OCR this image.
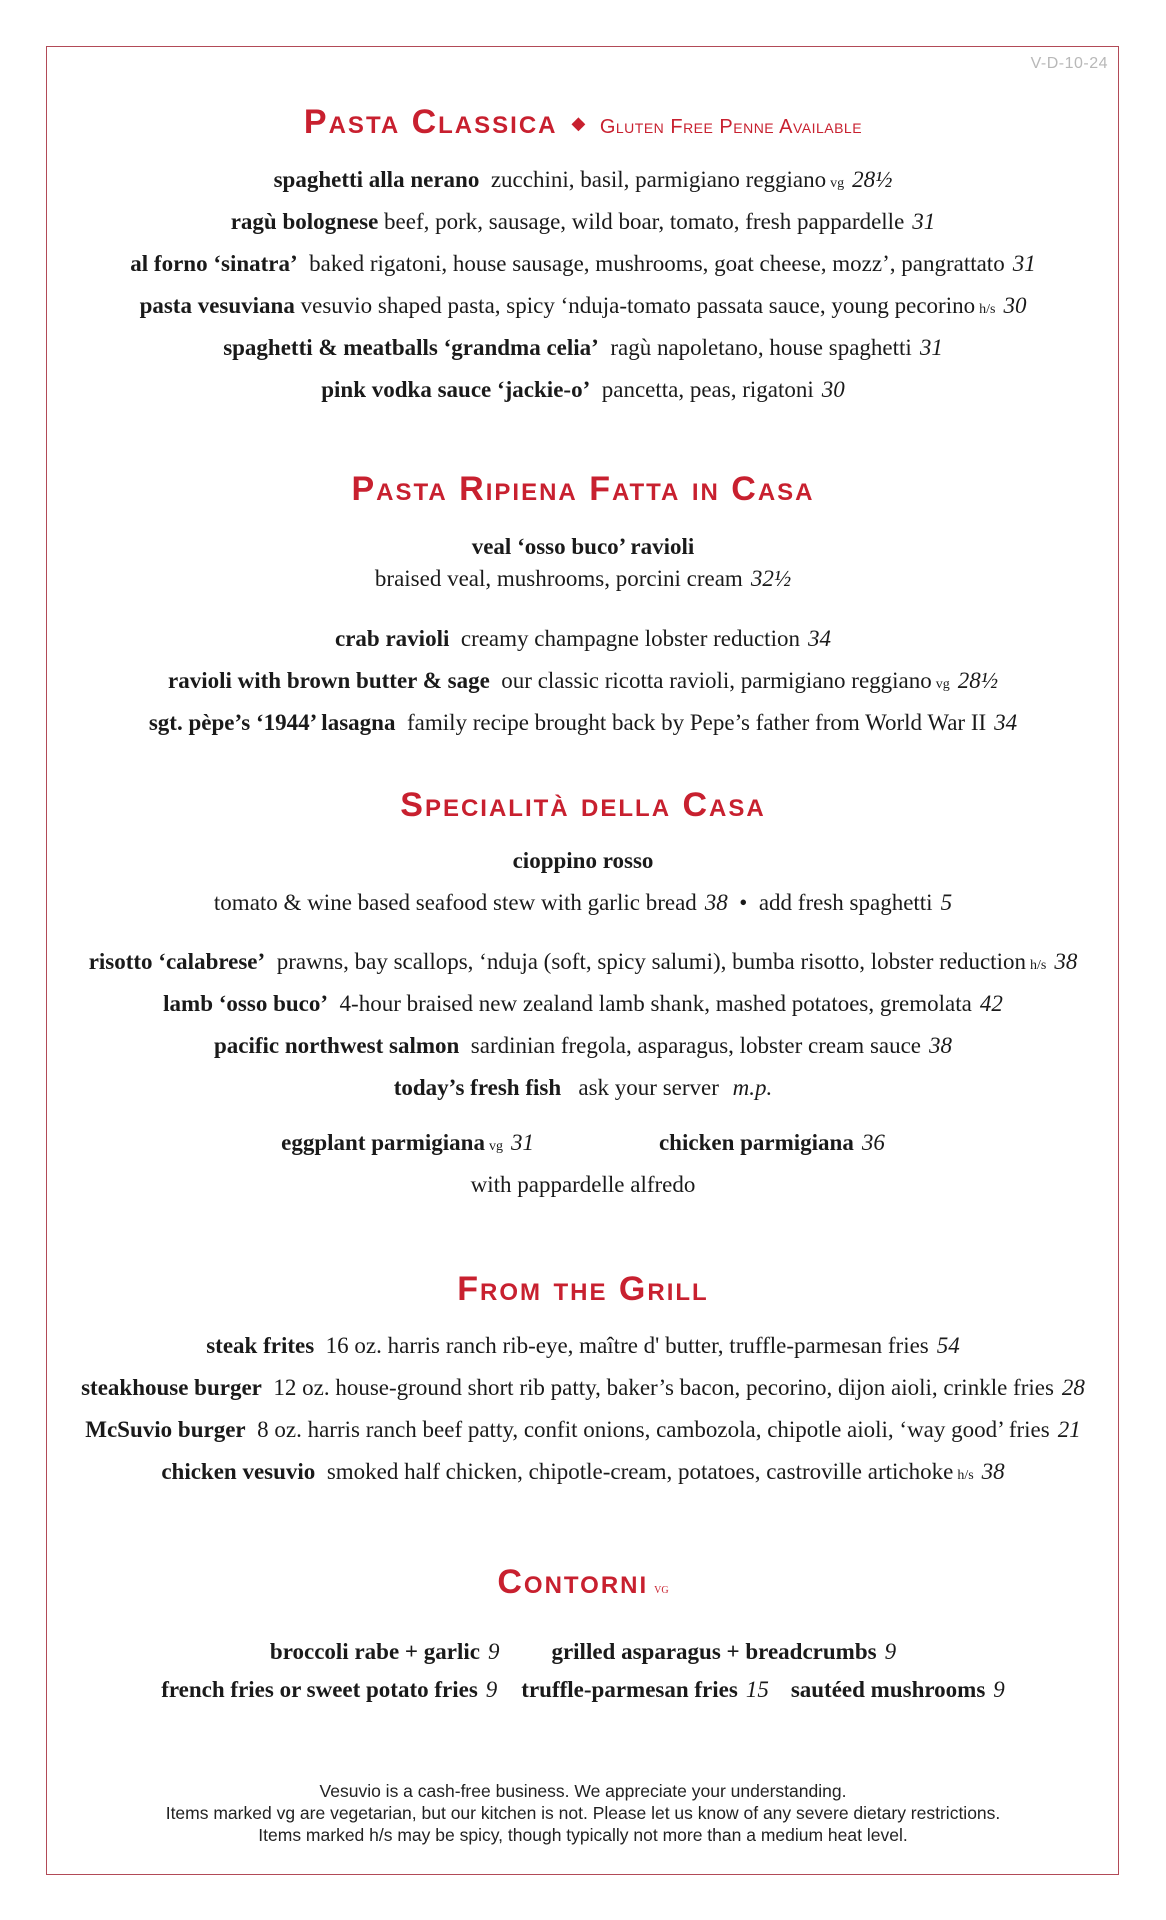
V-D-10-24
Pasta Classica ◆ Gluten Free Penne Available
spaghetti alla nerano zucchini, basil, parmigiano reggiano vg 28½
ragù bolognese beef, pork, sausage, wild boar, tomato, fresh pappardelle 31
al forno ‘sinatra’ baked rigatoni, house sausage, mushrooms, goat cheese, mozz’, pangrattato 31
pasta vesuviana vesuvio shaped pasta, spicy ‘nduja-tomato passata sauce, young pecorino h/s 30
spaghetti & meatballs ‘grandma celia’ ragù napoletano, house spaghetti 31
pink vodka sauce ‘jackie-o’ pancetta, peas, rigatoni 30
Pasta Ripiena Fatta in Casa
veal ‘osso buco’ ravioli
braised veal, mushrooms, porcini cream 32½
crab ravioli creamy champagne lobster reduction 34
ravioli with brown butter & sage our classic ricotta ravioli, parmigiano reggiano vg 28½
sgt. pèpe’s ‘1944’ lasagna family recipe brought back by Pepe’s father from World War II 34
Specialità della Casa
cioppino rosso
tomato & wine based seafood stew with garlic bread 38 • add fresh spaghetti 5
risotto ‘calabrese’ prawns, bay scallops, ‘nduja (soft, spicy salumi), bumba risotto, lobster reduction h/s 38
lamb ‘osso buco’ 4-hour braised new zealand lamb shank, mashed potatoes, gremolata 42
pacific northwest salmon sardinian fregola, asparagus, lobster cream sauce 38
today’s fresh fish ask your server m.p.
eggplant parmigiana vg 31	chicken parmigiana 36
with pappardelle alfredo
From the Grill
steak frites 16 oz. harris ranch rib-eye, maître d' butter, truffle-parmesan fries 54
steakhouse burger 12 oz. house-ground short rib patty, baker’s bacon, pecorino, dijon aioli, crinkle fries 28
McSuvio burger 8 oz. harris ranch beef patty, confit onions, cambozola, chipotle aioli, ‘way good’ fries 21
chicken vesuvio smoked half chicken, chipotle-cream, potatoes, castroville artichoke h/s 38
Contorni vg
broccoli rabe + garlic 9 grilled asparagus + breadcrumbs 9
french fries or sweet potato fries 9 truffle-parmesan fries 15 sautéed mushrooms 9
Vesuvio is a cash-free business. We appreciate your understanding.
Items marked vg are vegetarian, but our kitchen is not. Please let us know of any severe dietary restrictions.
Items marked h/s may be spicy, though typically not more than a medium heat level.
